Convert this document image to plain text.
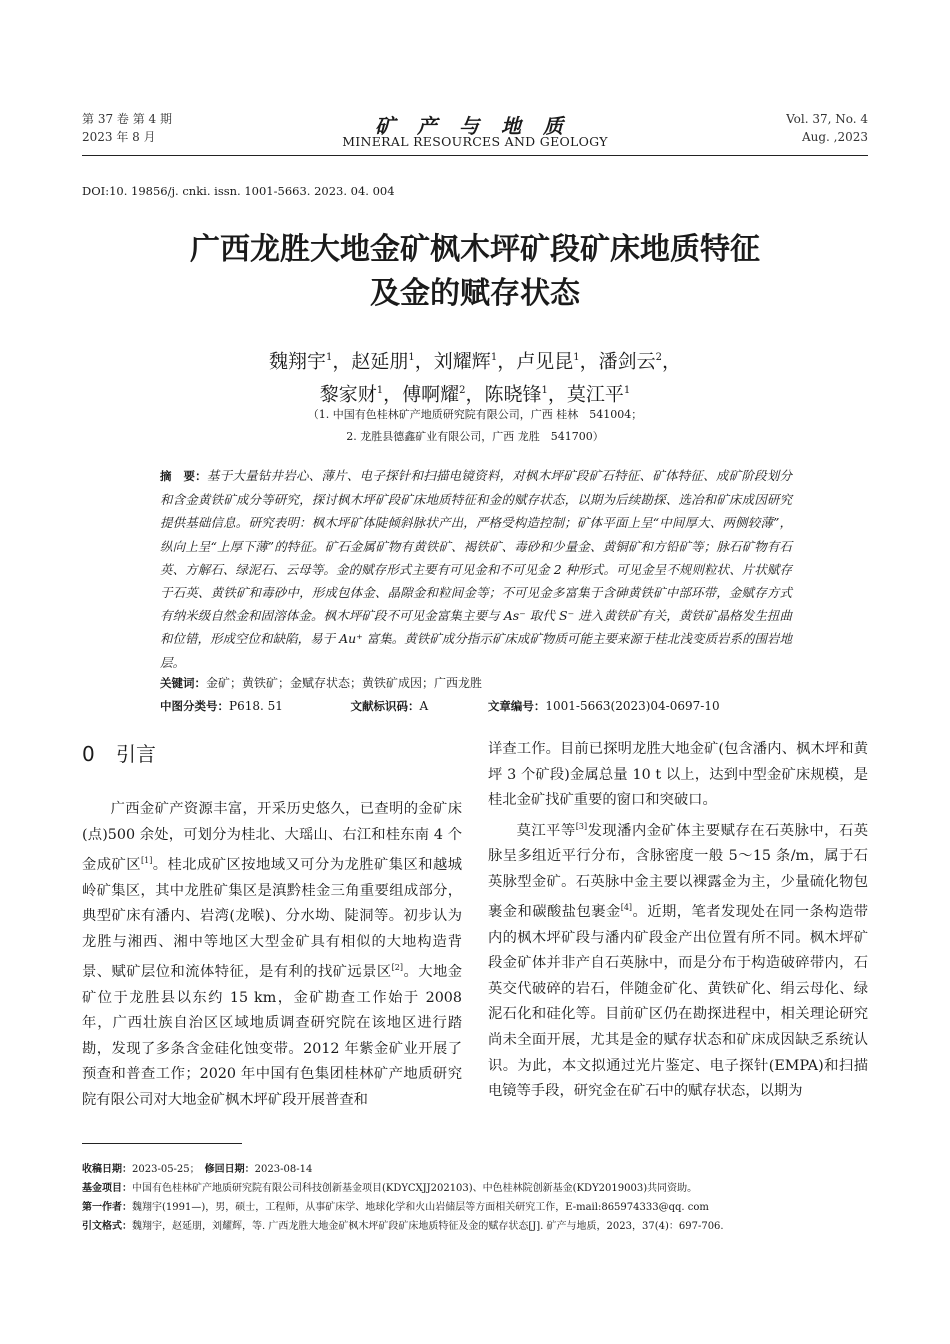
第 37 卷 第 4 期
2023 年 8 月	矿产与地质
MINERAL RESOURCES AND GEOLOGY
Vol. 37, No. 4
Aug. ,2023
DOI:10. 19856/j. cnki. issn. 1001-5663. 2023. 04. 004
广西龙胜大地金矿枫木坪矿段矿床地质特征
及金的赋存状态
魏翔宇$^1$，赵延朋$^1$，刘耀辉$^1$，卢见昆$^1$，潘剑云$^2$，
黎家财$^1$，傅啊耀$^2$，陈晓锋$^1$，莫江平$^1$
（1. 中国有色桂林矿产地质研究院有限公司，广西 桂林　541004；
2. 龙胜县德鑫矿业有限公司，广西 龙胜　541700）
摘　要：基于大量钻井岩心、薄片、电子探针和扫描电镜资料，对枫木坪矿段矿石特征、矿体特征、成矿阶段划分和含金黄铁矿成分等研究，探讨枫木坪矿段矿床地质特征和金的赋存状态，以期为后续勘探、选冶和矿床成因研究提供基础信息。研究表明：枫木坪矿体陡倾斜脉状产出，严格受构造控制；矿体平面上呈“中间厚大、两侧较薄”，纵向上呈“上厚下薄”的特征。矿石金属矿物有黄铁矿、褐铁矿、毒砂和少量金、黄铜矿和方铅矿等；脉石矿物有石英、方解石、绿泥石、云母等。金的赋存形式主要有可见金和不可见金 2 种形式。可见金呈不规则粒状、片状赋存于石英、黄铁矿和毒砂中，形成包体金、晶隙金和粒间金等；不可见金多富集于含砷黄铁矿中部环带，金赋存方式有纳米级自然金和固溶体金。枫木坪矿段不可见金富集主要与 As⁻ 取代 S⁻ 进入黄铁矿有关，黄铁矿晶格发生扭曲和位错，形成空位和缺陷，易于 Au⁺ 富集。黄铁矿成分指示矿床成矿物质可能主要来源于桂北浅变质岩系的围岩地层。
关键词：金矿；黄铁矿；金赋存状态；黄铁矿成因；广西龙胜
中图分类号：P618. 51	文献标识码：A	文章编号：1001-5663(2023)04-0697-10
0 引言

广西金矿产资源丰富，开采历史悠久，已查明的金矿床(点)500 余处，可划分为桂北、大瑶山、右江和桂东南 4 个金成矿区[1]。桂北成矿区按地域又可分为龙胜矿集区和越城岭矿集区，其中龙胜矿集区是滇黔桂金三角重要组成部分，典型矿床有潘内、岩湾(龙喉)、分水坳、陡洞等。初步认为龙胜与湘西、湘中等地区大型金矿具有相似的大地构造背景、赋矿层位和流体特征，是有利的找矿远景区[2]。大地金矿位于龙胜县以东约 15 km，金矿勘查工作始于 2008 年，广西壮族自治区区域地质调查研究院在该地区进行踏勘，发现了多条含金硅化蚀变带。2012 年紫金矿业开展了预查和普查工作；2020 年中国有色集团桂林矿产地质研究院有限公司对大地金矿枫木坪矿段开展普查和

详查工作。目前已探明龙胜大地金矿(包含潘内、枫木坪和黄坪 3 个矿段)金属总量 10 t 以上，达到中型金矿床规模，是桂北金矿找矿重要的窗口和突破口。

莫江平等[3]发现潘内金矿体主要赋存在石英脉中，石英脉呈多组近平行分布，含脉密度一般 5～15 条/m，属于石英脉型金矿。石英脉中金主要以裸露金为主，少量硫化物包裹金和碳酸盐包裹金[4]。近期，笔者发现处在同一条构造带内的枫木坪矿段与潘内矿段金产出位置有所不同。枫木坪矿段金矿体并非产自石英脉中，而是分布于构造破碎带内，石英交代破碎的岩石，伴随金矿化、黄铁矿化、绢云母化、绿泥石化和硅化等。目前矿区仍在勘探进程中，相关理论研究尚未全面开展，尤其是金的赋存状态和矿床成因缺乏系统认识。为此，本文拟通过光片鉴定、电子探针(EMPA)和扫描电镜等手段，研究金在矿石中的赋存状态，以期为

收稿日期：2023-05-25；　 修回日期：2023-08-14
基金项目：中国有色桂林矿产地质研究院有限公司科技创新基金项目(KDYCXJJ202103)、中色桂林院创新基金(KDY2019003)共同资助。
第一作者：魏翔宇(1991—)，男，硕士，工程师，从事矿床学、地球化学和火山岩储层等方面相关研究工作，E-mail:865974333@qq. com
引文格式：魏翔宇，赵延朋，刘耀辉，等. 广西龙胜大地金矿枫木坪矿段矿床地质特征及金的赋存状态[J]. 矿产与地质，2023，37(4)：697-706.
